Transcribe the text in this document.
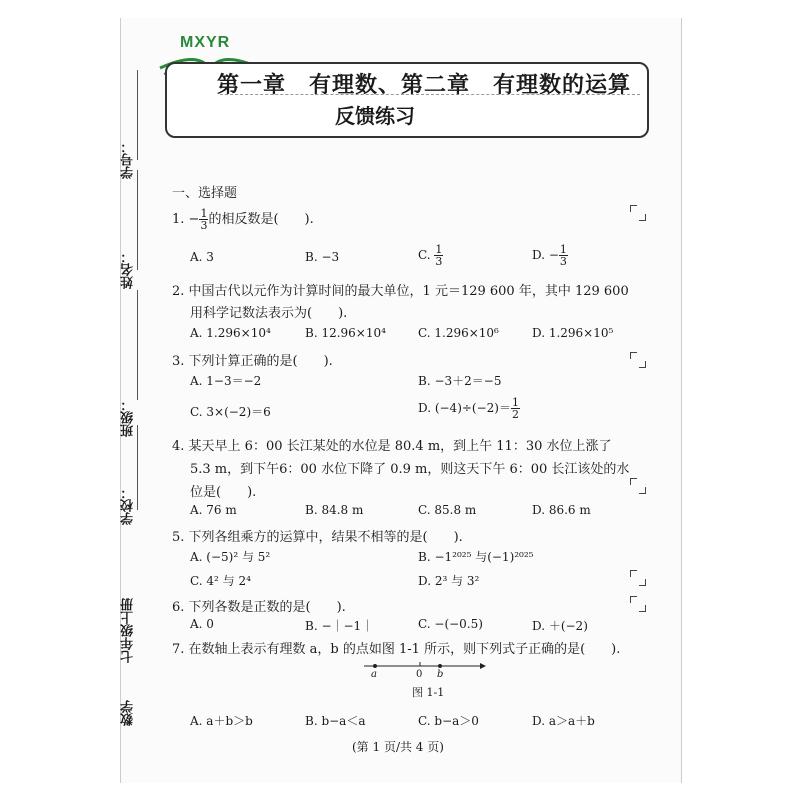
MXYR
第一章　有理数、第二章　有理数的运算
反馈练习
学号：
姓名：
班级：
学校：
七年级上册
数学
一、选择题
1. − $\frac{1}{3}$ 的相反数是(　　).
A. 3	B. −3	C. $\frac{1}{3}$	D. − $\frac{1}{3}$
2. 中国古代以元作为计算时间的最大单位，1 元＝129 600 年，其中 129 600
用科学记数法表示为(　　).
A. 1.296×10⁴	B. 12.96×10⁴	C. 1.296×10⁶	D. 1.296×10⁵
3. 下列计算正确的是(　　).
A. 1−3＝−2	B. −3＋2＝−5
C. 3×(−2)＝6	D. $(-4)\div(-2)= \frac{1}{2}$
4. 某天早上 6：00 长江某处的水位是 80.4 m，到上午 11：30 水位上涨了
5.3 m，到下午6：00 水位下降了 0.9 m，则这天下午 6：00 长江该处的水
位是(　　).
A. 76 m	B. 84.8 m	C. 85.8 m	D. 86.6 m
5. 下列各组乘方的运算中，结果不相等的是(　　).
A. (−5)² 与 5²	B. −1²⁰²⁵ 与(−1)²⁰²⁵
C. 4² 与 2⁴	D. 2³ 与 3²
6. 下列各数是正数的是(　　).
A. 0	B. −｜−1｜	C. −(−0.5)	D. ＋(−2)
7. 在数轴上表示有理数 a，b 的点如图 1-1 所示，则下列式子正确的是(　　).
a	0 b
图 1-1
A. a＋b＞b	B. b−a＜a	C. b−a＞0	D. a＞a＋b
(第 1 页/共 4 页)
